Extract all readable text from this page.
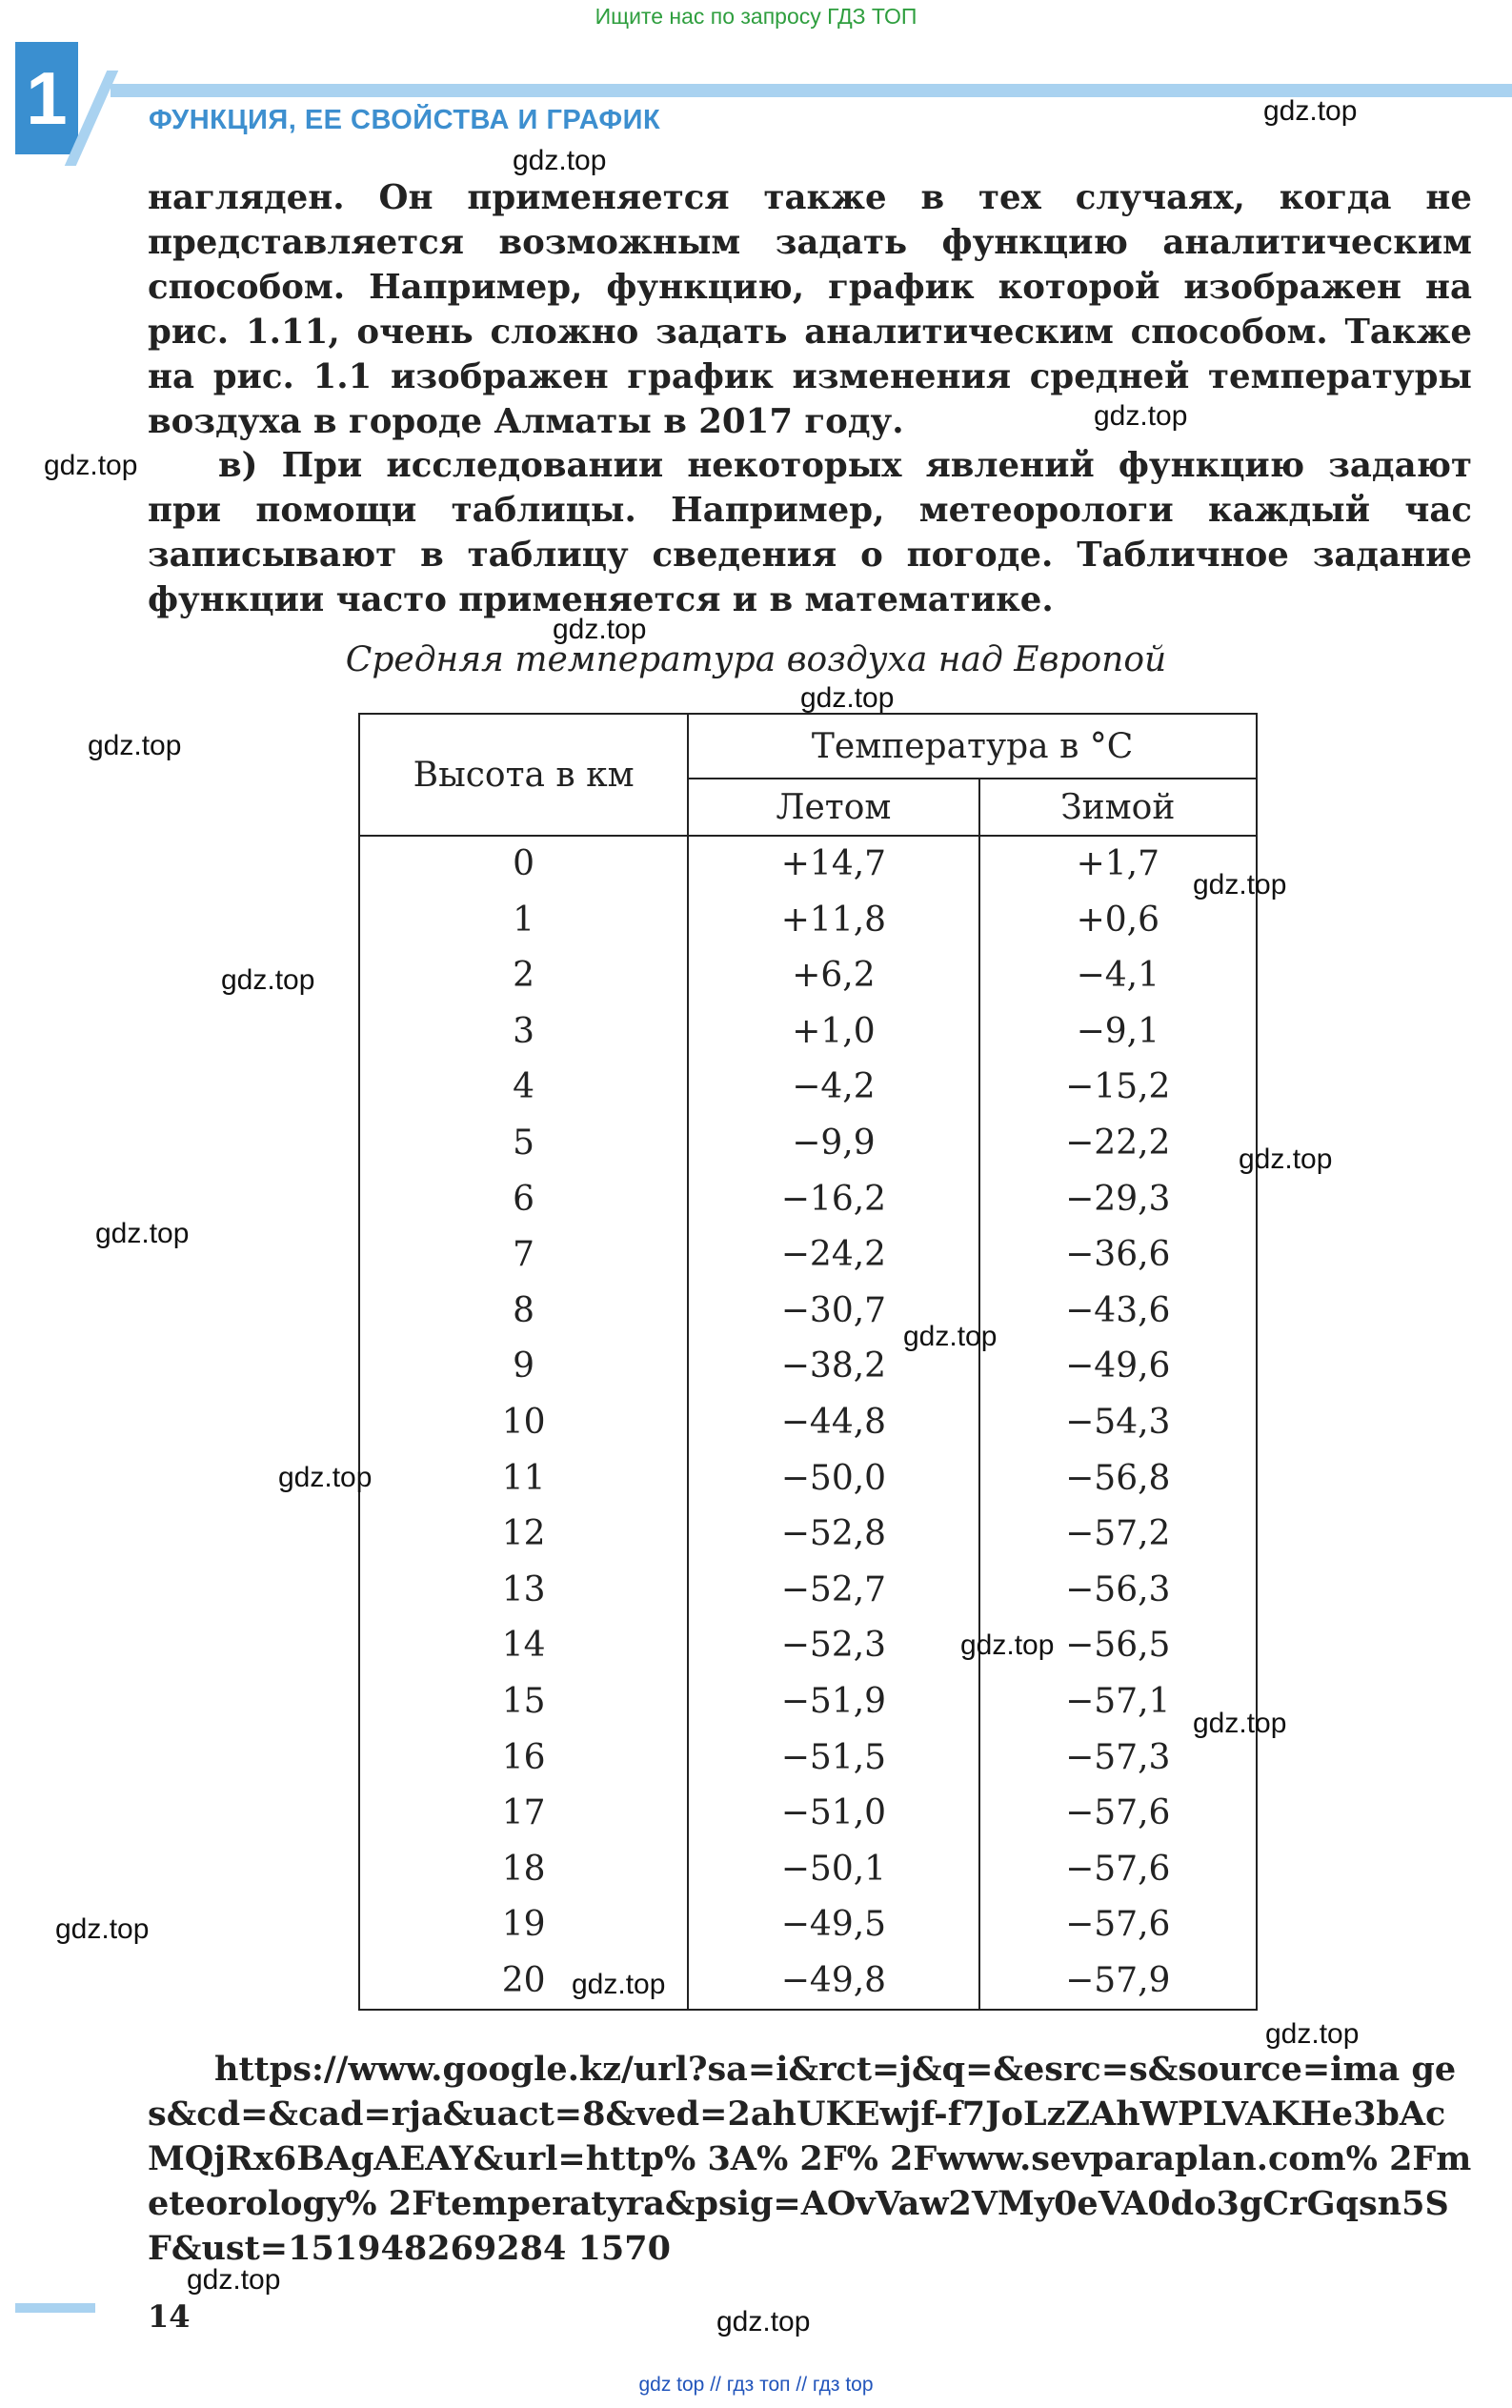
Ищите нас по запросу ГДЗ ТОП
1	ФУНКЦИЯ, ЕЕ СВОЙСТВА И ГРАФИК

нагляден. Он применяется также в тех случаях, когда не представляется возможным задать функцию аналитическим способом. Например, функцию, график которой изображен на рис. 1.11, очень сложно задать аналитическим способом. Также на рис. 1.1 изображен график изменения средней температуры воздуха в городе Алматы в 2017 году.

в) При исследовании некоторых явлений функцию задают при помощи таблицы. Например, метеорологи каждый час записывают в таблицу сведения о погоде. Табличное задание функции часто применяется и в математике.

Средняя температура воздуха над Европой
Высота в км	Температура в °С	
	Летом	Зимой
0	+14,7	+1,7
1	+11,8	+0,6
2	+6,2	−4,1
3	+1,0	−9,1
4	−4,2	−15,2
5	−9,9	−22,2
6	−16,2	−29,3
7	−24,2	−36,6
8	−30,7	−43,6
9	−38,2	−49,6
10	−44,8	−54,3
11	−50,0	−56,8
12	−52,8	−57,2
13	−52,7	−56,3
14	−52,3	−56,5
15	−51,9	−57,1
16	−51,5	−57,3
17	−51,0	−57,6
18	−50,1	−57,6
19	−49,5	−57,6
20	−49,8	−57,9

https://www.google.kz/url?sa=i&rct=j&q=&esrc=s&source=ima ges&cd=&cad=rja&uact=8&ved=2ahUKEwjf-f7JoLzZAhWPLVAKHe3bAcMQjRx6BAgAEAY&url=http% 3A% 2F% 2Fwww.sevparaplan.com% 2Fmeteorology% 2Ftemperatyra&psig=AOvVaw2VMy0eVA0do3gCrGqsn5SF&ust=151948269284 1570

14
gdz top // гдз топ // гдз top
gdz.top
gdz.top
gdz.top
gdz.top
gdz.top
gdz.top
gdz.top
gdz.top
gdz.top
gdz.top
gdz.top
gdz.top
gdz.top
gdz.top
gdz.top
gdz.top
gdz.top
gdz.top
gdz.top
gdz.top
